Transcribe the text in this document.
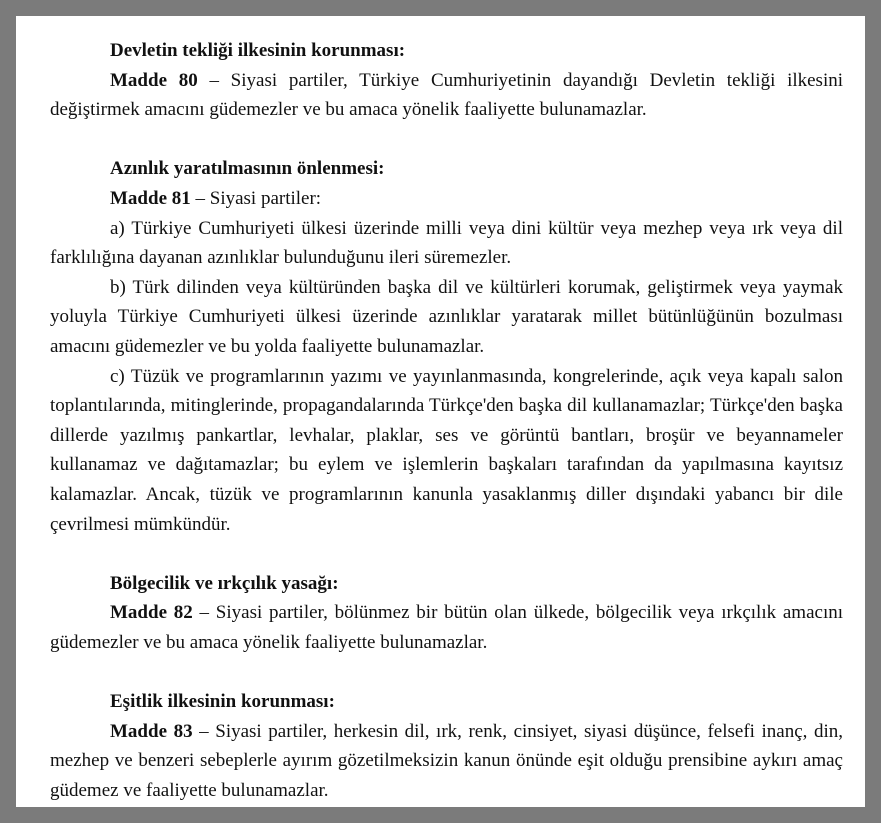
Devletin tekliği ilkesinin korunması:

Madde 80 – Siyasi partiler, Türkiye Cumhuriyetinin dayandığı Devletin tekliği ilkesini değiştirmek amacını güdemezler ve bu amaca yönelik faaliyette bulunamazlar.

Azınlık yaratılmasının önlenmesi:

Madde 81 – Siyasi partiler:

a) Türkiye Cumhuriyeti ülkesi üzerinde milli veya dini kültür veya mezhep veya ırk veya dil farklılığına dayanan azınlıklar bulunduğunu ileri süremezler.

b) Türk dilinden veya kültüründen başka dil ve kültürleri korumak, geliştirmek veya yaymak yoluyla Türkiye Cumhuriyeti ülkesi üzerinde azınlıklar yaratarak millet bütünlüğünün bozulması amacını güdemezler ve bu yolda faaliyette bulunamazlar.

c) Tüzük ve programlarının yazımı ve yayınlanmasında, kongrelerinde, açık veya kapalı salon toplantılarında, mitinglerinde, propagandalarında Türkçe'den başka dil kullanamazlar; Türkçe'den başka dillerde yazılmış pankartlar, levhalar, plaklar, ses ve görüntü bantları, broşür ve beyannameler kullanamaz ve dağıtamazlar; bu eylem ve işlemlerin başkaları tarafından da yapılmasına kayıtsız kalamazlar. Ancak, tüzük ve programlarının kanunla yasaklanmış diller dışındaki yabancı bir dile çevrilmesi mümkündür.

Bölgecilik ve ırkçılık yasağı:

Madde 82 – Siyasi partiler, bölünmez bir bütün olan ülkede, bölgecilik veya ırkçılık amacını güdemezler ve bu amaca yönelik faaliyette bulunamazlar.

Eşitlik ilkesinin korunması:

Madde 83 – Siyasi partiler, herkesin dil, ırk, renk, cinsiyet, siyasi düşünce, felsefi inanç, din, mezhep ve benzeri sebeplerle ayırım gözetilmeksizin kanun önünde eşit olduğu prensibine aykırı amaç güdemez ve faaliyette bulunamazlar.
